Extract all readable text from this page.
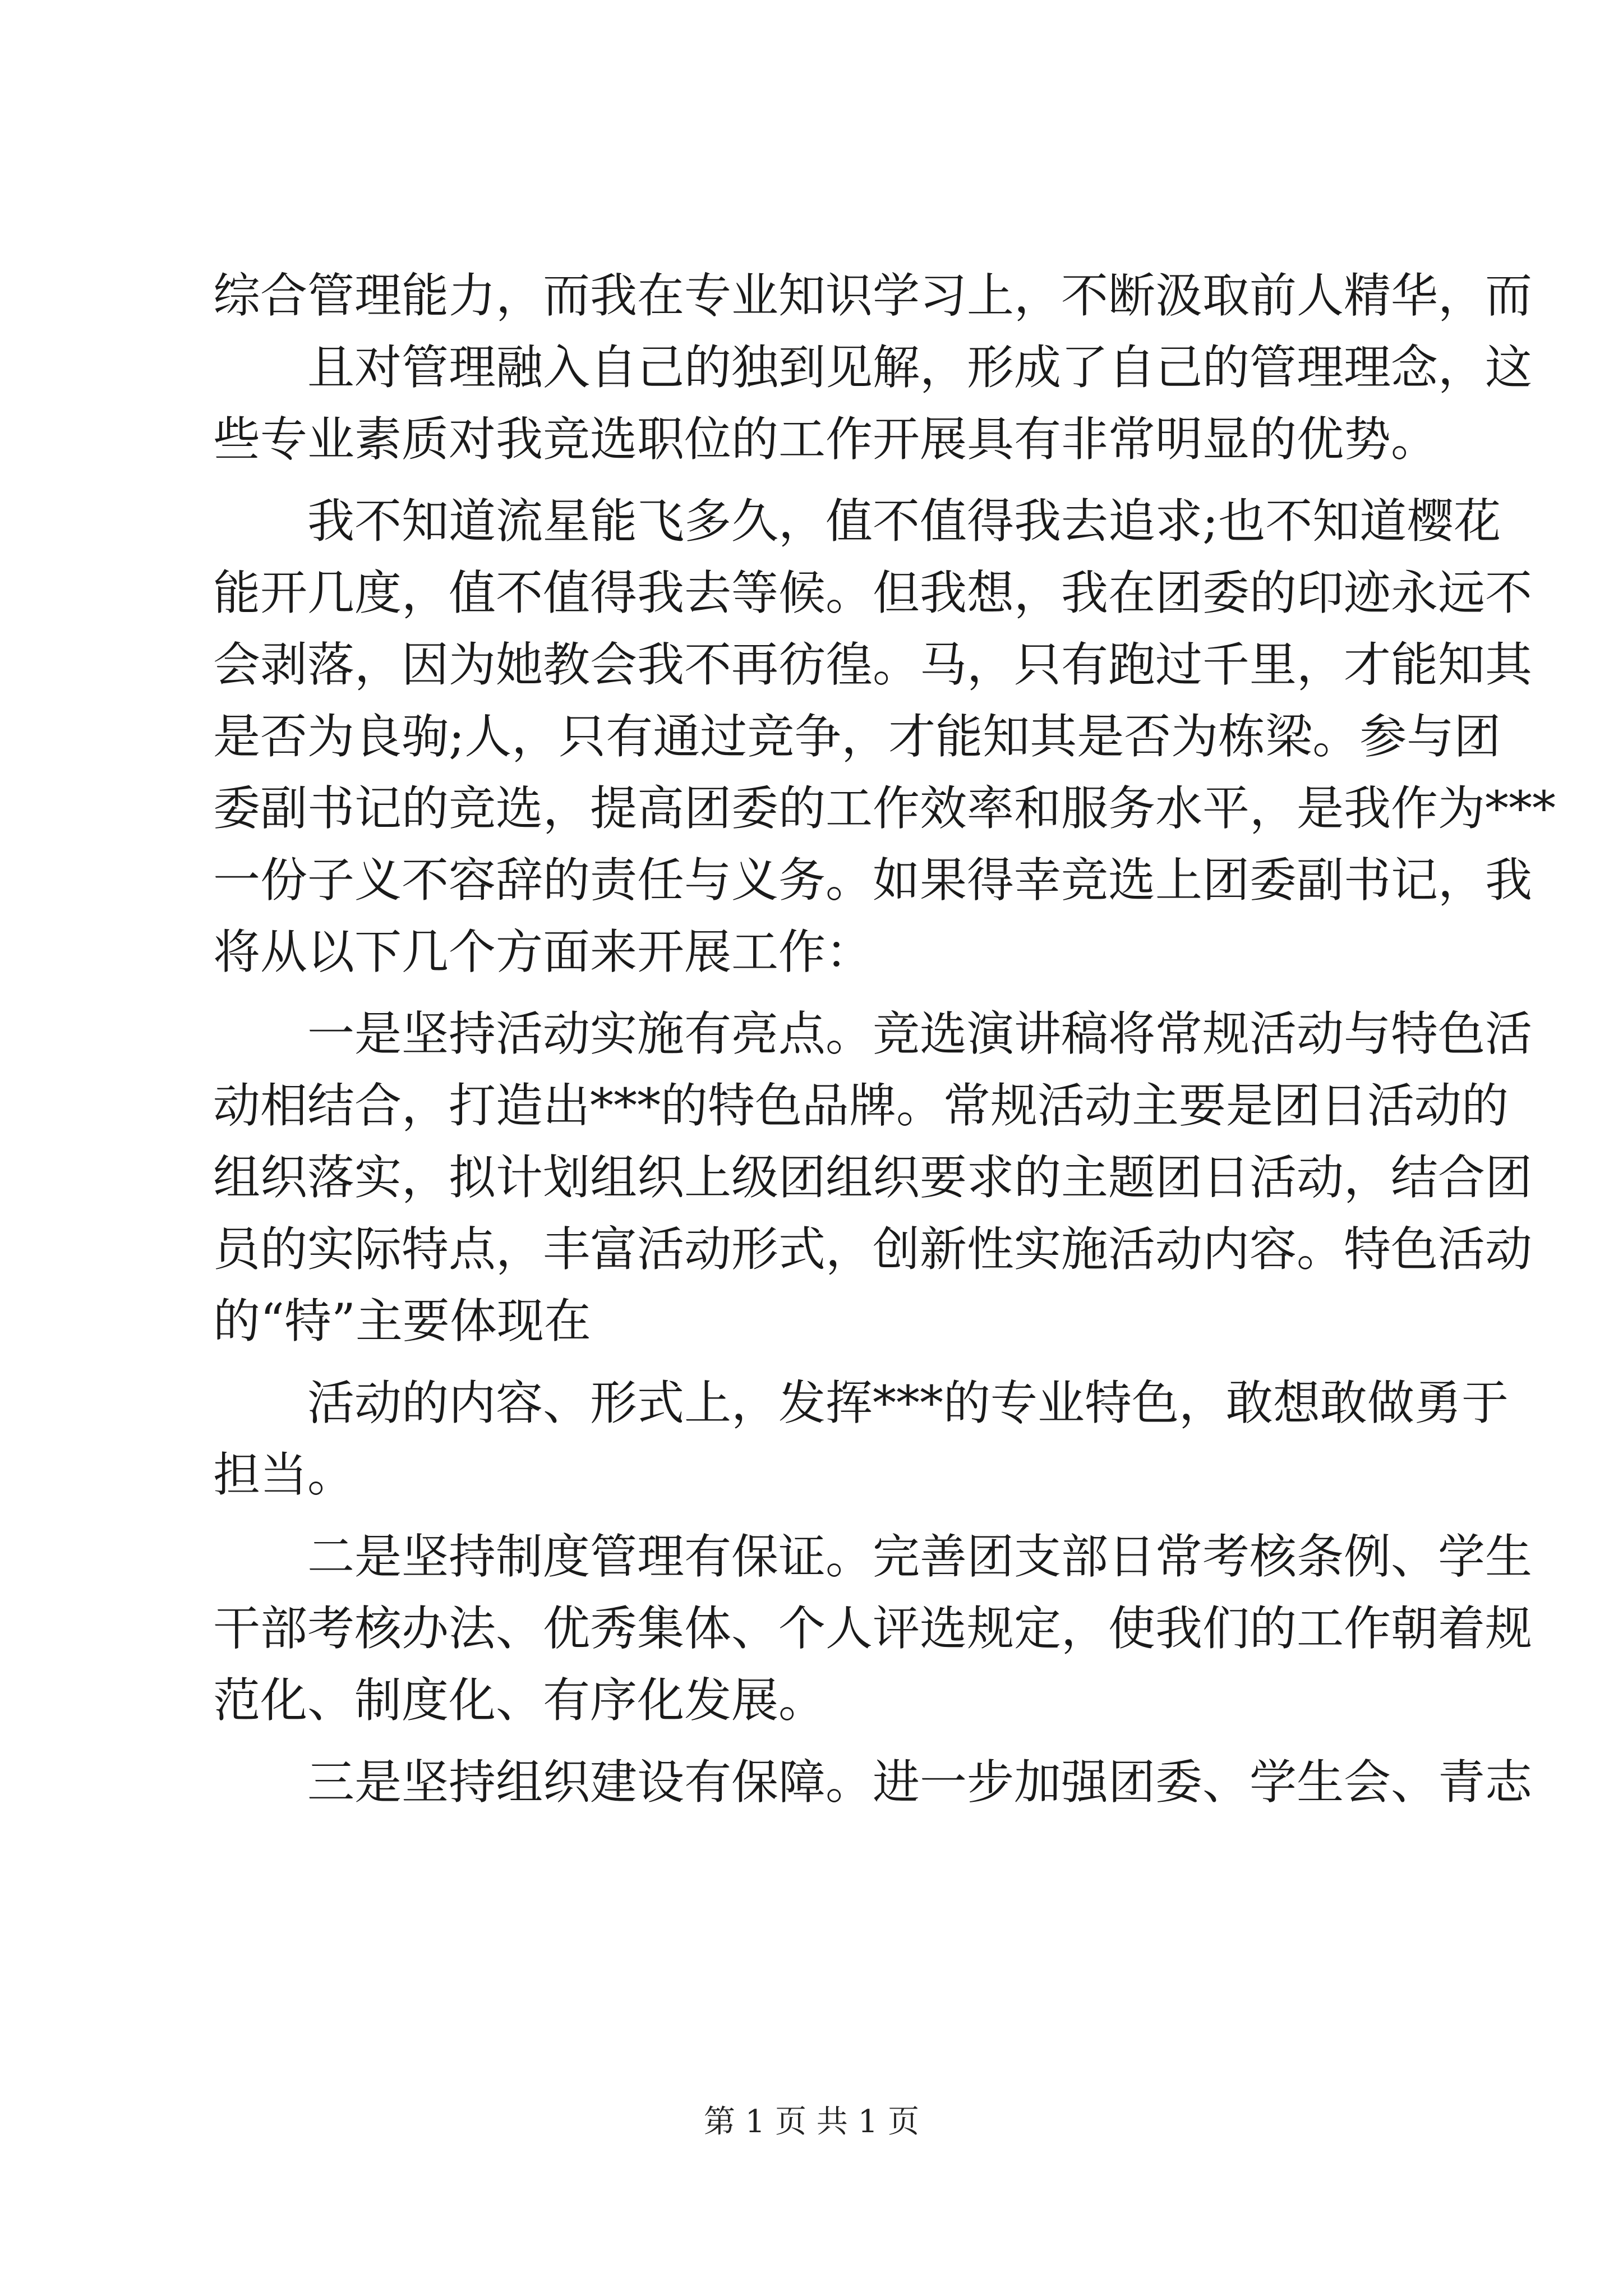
综合管理能力，而我在专业知识学习上，不断汲取前人精华，而
且对管理融入自己的独到见解，形成了自己的管理理念，这
些专业素质对我竞选职位的工作开展具有非常明显的优势。
我不知道流星能飞多久，值不值得我去追求;也不知道樱花
能开几度，值不值得我去等候。但我想，我在团委的印迹永远不
会剥落，因为她教会我不再彷徨。马，只有跑过千里，才能知其
是否为良驹;人，只有通过竞争，才能知其是否为栋梁。参与团
委副书记的竞选，提高团委的工作效率和服务水平，是我作为***
一份子义不容辞的责任与义务。如果得幸竞选上团委副书记，我
将从以下几个方面来开展工作：
一是坚持活动实施有亮点。竞选演讲稿将常规活动与特色活
动相结合，打造出***的特色品牌。常规活动主要是团日活动的
组织落实，拟计划组织上级团组织要求的主题团日活动，结合团
员的实际特点，丰富活动形式，创新性实施活动内容。特色活动
的“特”主要体现在
活动的内容、形式上，发挥***的专业特色，敢想敢做勇于
担当。
二是坚持制度管理有保证。完善团支部日常考核条例、学生
干部考核办法、优秀集体、个人评选规定，使我们的工作朝着规
范化、制度化、有序化发展。
三是坚持组织建设有保障。进一步加强团委、学生会、青志
第 1 页 共 1 页
